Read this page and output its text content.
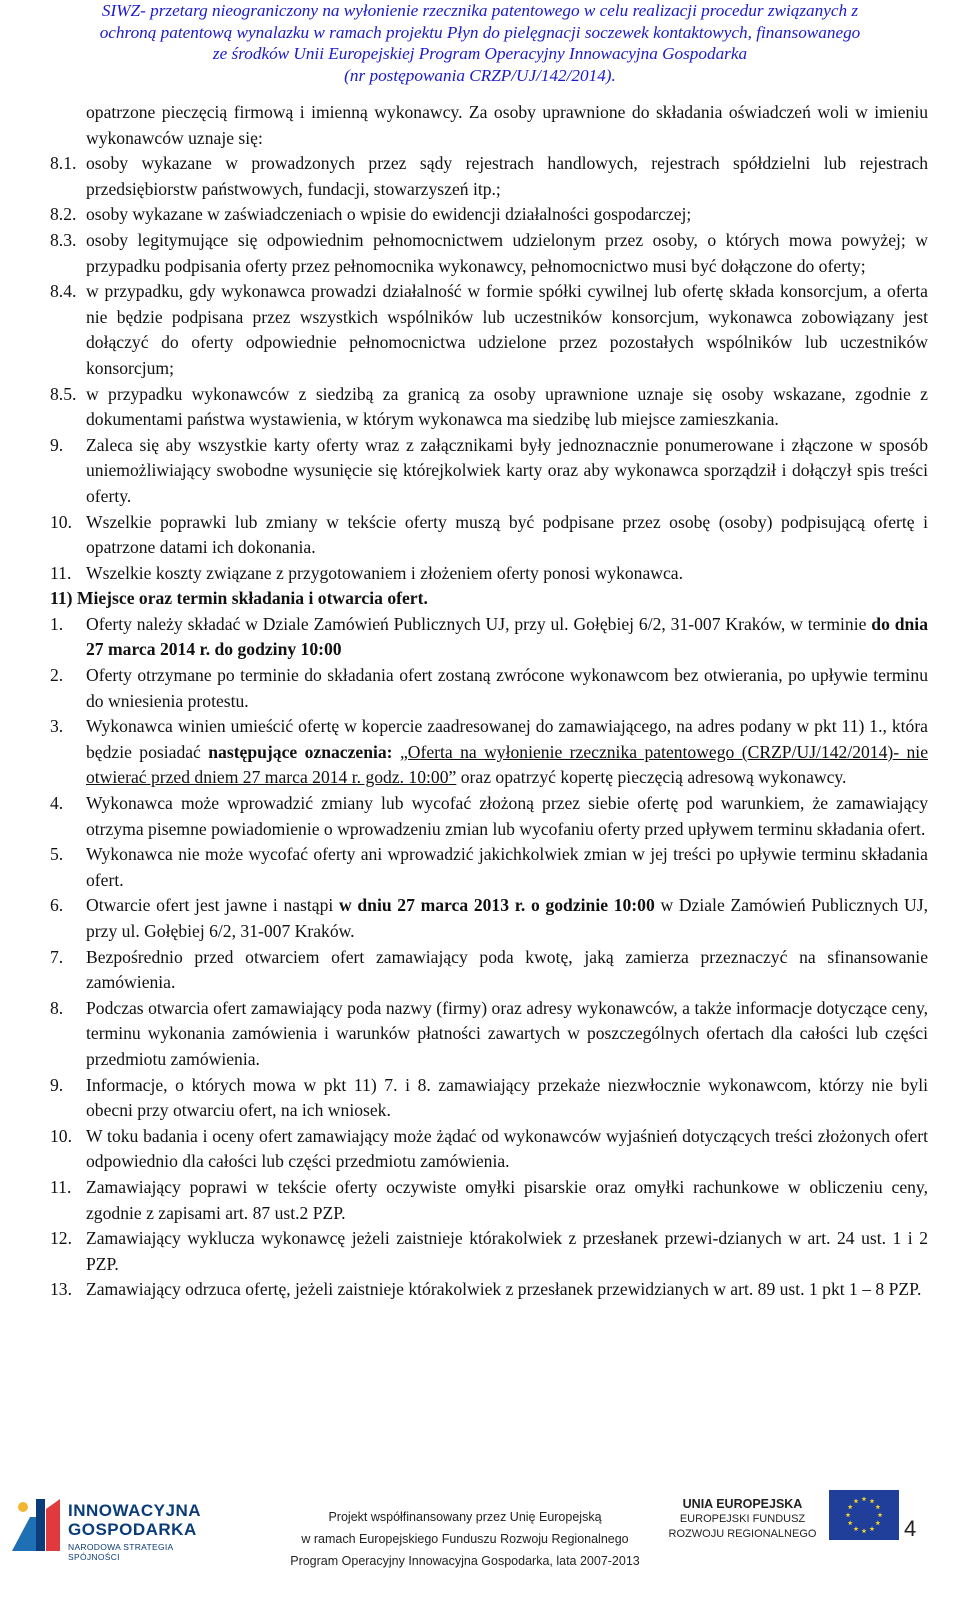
SIWZ- przetarg nieograniczony na wyłonienie rzecznika patentowego w celu realizacji procedur związanych z
ochroną patentową wynalazku w ramach projektu Płyn do pielęgnacji soczewek kontaktowych, finansowanego
ze środków Unii Europejskiej Program Operacyjny Innowacyjna Gospodarka
(nr postępowania CRZP/UJ/142/2014).
opatrzone pieczęcią firmową i imienną wykonawcy. Za osoby uprawnione do składania oświadczeń woli w imieniu wykonawców uznaje się:
8.1. osoby wykazane w prowadzonych przez sądy rejestrach handlowych, rejestrach spółdzielni lub rejestrach przedsiębiorstw państwowych, fundacji, stowarzyszeń itp.;
8.2. osoby wykazane w zaświadczeniach o wpisie do ewidencji działalności gospodarczej;
8.3. osoby legitymujące się odpowiednim pełnomocnictwem udzielonym przez osoby, o których mowa powyżej; w przypadku podpisania oferty przez pełnomocnika wykonawcy, pełnomocnictwo musi być dołączone do oferty;
8.4. w przypadku, gdy wykonawca prowadzi działalność w formie spółki cywilnej lub ofertę składa konsorcjum, a oferta nie będzie podpisana przez wszystkich wspólników lub uczestników konsorcjum, wykonawca zobowiązany jest dołączyć do oferty odpowiednie pełnomocnictwa udzielone przez pozostałych wspólników lub uczestników konsorcjum;
8.5. w przypadku wykonawców z siedzibą za granicą za osoby uprawnione uznaje się osoby wskazane, zgodnie z dokumentami państwa wystawienia, w którym wykonawca ma siedzibę lub miejsce zamieszkania.
9. Zaleca się aby wszystkie karty oferty wraz z załącznikami były jednoznacznie ponumerowane i złączone w sposób uniemożliwiający swobodne wysunięcie się którejkolwiek karty oraz aby wykonawca sporządził i dołączył spis treści oferty.
10. Wszelkie poprawki lub zmiany w tekście oferty muszą być podpisane przez osobę (osoby) podpisującą ofertę i opatrzone datami ich dokonania.
11. Wszelkie koszty związane z przygotowaniem i złożeniem oferty ponosi wykonawca.
11) Miejsce oraz termin składania i otwarcia ofert.
1. Oferty należy składać w Dziale Zamówień Publicznych UJ, przy ul. Gołębiej 6/2, 31-007 Kraków, w terminie do dnia 27 marca 2014 r. do godziny 10:00
2. Oferty otrzymane po terminie do składania ofert zostaną zwrócone wykonawcom bez otwierania, po upływie terminu do wniesienia protestu.
3. Wykonawca winien umieścić ofertę w kopercie zaadresowanej do zamawiającego, na adres podany w pkt 11) 1., która będzie posiadać następujące oznaczenia: „Oferta na wyłonienie rzecznika patentowego (CRZP/UJ/142/2014)- nie otwierać przed dniem 27 marca 2014 r. godz. 10:00” oraz opatrzyć kopertę pieczęcią adresową wykonawcy.
4. Wykonawca może wprowadzić zmiany lub wycofać złożoną przez siebie ofertę pod warunkiem, że zamawiający otrzyma pisemne powiadomienie o wprowadzeniu zmian lub wycofaniu oferty przed upływem terminu składania ofert.
5. Wykonawca nie może wycofać oferty ani wprowadzić jakichkolwiek zmian w jej treści po upływie terminu składania ofert.
6. Otwarcie ofert jest jawne i nastąpi w dniu 27 marca 2013 r. o godzinie 10:00 w Dziale Zamówień Publicznych UJ, przy ul. Gołębiej 6/2, 31-007 Kraków.
7. Bezpośrednio przed otwarciem ofert zamawiający poda kwotę, jaką zamierza przeznaczyć na sfinansowanie zamówienia.
8. Podczas otwarcia ofert zamawiający poda nazwy (firmy) oraz adresy wykonawców, a także informacje dotyczące ceny, terminu wykonania zamówienia i warunków płatności zawartych w poszczególnych ofertach dla całości lub części przedmiotu zamówienia.
9. Informacje, o których mowa w pkt 11) 7. i 8. zamawiający przekaże niezwłocznie wykonawcom, którzy nie byli obecni przy otwarciu ofert, na ich wniosek.
10. W toku badania i oceny ofert zamawiający może żądać od wykonawców wyjaśnień dotyczących treści złożonych ofert odpowiednio dla całości lub części przedmiotu zamówienia.
11. Zamawiający poprawi w tekście oferty oczywiste omyłki pisarskie oraz omyłki rachunkowe w obliczeniu ceny, zgodnie z zapisami art. 87 ust.2 PZP.
12. Zamawiający wyklucza wykonawcę jeżeli zaistnieje którakolwiek z przesłanek przewi-dzianych w art. 24 ust. 1 i 2 PZP.
13. Zamawiający odrzuca ofertę, jeżeli zaistnieje którakolwiek z przesłanek przewidzianych w art. 89 ust. 1 pkt 1 – 8 PZP.
INNOWACYJNA
GOSPODARKA
NARODOWA STRATEGIA SPÓJNOŚCI
Projekt współfinansowany przez Unię Europejską
w ramach Europejskiego Funduszu Rozwoju Regionalnego
Program Operacyjny Innowacyjna Gospodarka, lata 2007-2013
UNIA EUROPEJSKA
EUROPEJSKI FUNDUSZ
ROZWOJU REGIONALNEGO	4
